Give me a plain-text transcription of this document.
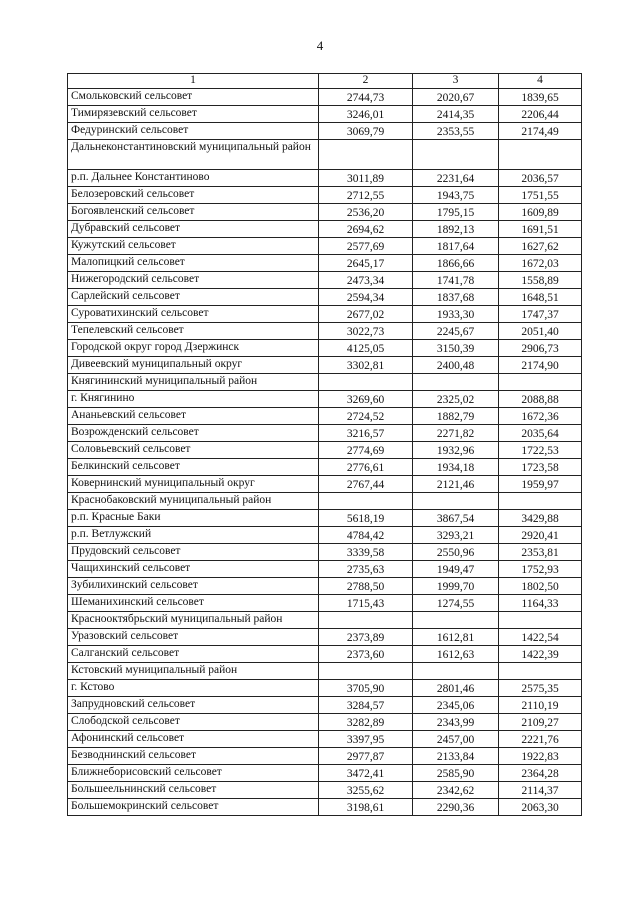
4
1	2	3	4
Смольковский сельсовет	2744,73	2020,67	1839,65
Тимирязевский сельсовет	3246,01	2414,35	2206,44
Федуринский сельсовет	3069,79	2353,55	2174,49
Дальнеконстантиновский муниципальный район			
р.п. Дальнее Константиново	3011,89	2231,64	2036,57
Белозеровский сельсовет	2712,55	1943,75	1751,55
Богоявленский сельсовет	2536,20	1795,15	1609,89
Дубравский сельсовет	2694,62	1892,13	1691,51
Кужутский сельсовет	2577,69	1817,64	1627,62
Малопицкий сельсовет	2645,17	1866,66	1672,03
Нижегородский сельсовет	2473,34	1741,78	1558,89
Сарлейский сельсовет	2594,34	1837,68	1648,51
Суроватихинский сельсовет	2677,02	1933,30	1747,37
Тепелевский сельсовет	3022,73	2245,67	2051,40
Городской округ город Дзержинск	4125,05	3150,39	2906,73
Дивеевский муниципальный округ	3302,81	2400,48	2174,90
Княгининский муниципальный район			
г. Княгинино	3269,60	2325,02	2088,88
Ананьевский сельсовет	2724,52	1882,79	1672,36
Возрожденский сельсовет	3216,57	2271,82	2035,64
Соловьевский сельсовет	2774,69	1932,96	1722,53
Белкинский сельсовет	2776,61	1934,18	1723,58
Ковернинский муниципальный округ	2767,44	2121,46	1959,97
Краснобаковский муниципальный район			
р.п. Красные Баки	5618,19	3867,54	3429,88
р.п. Ветлужский	4784,42	3293,21	2920,41
Прудовский сельсовет	3339,58	2550,96	2353,81
Чащихинский сельсовет	2735,63	1949,47	1752,93
Зубилихинский сельсовет	2788,50	1999,70	1802,50
Шеманихинский сельсовет	1715,43	1274,55	1164,33
Краснооктябрьский муниципальный район			
Уразовский сельсовет	2373,89	1612,81	1422,54
Салганский сельсовет	2373,60	1612,63	1422,39
Кстовский муниципальный район			
г. Кстово	3705,90	2801,46	2575,35
Запрудновский сельсовет	3284,57	2345,06	2110,19
Слободской сельсовет	3282,89	2343,99	2109,27
Афонинский сельсовет	3397,95	2457,00	2221,76
Безводнинский сельсовет	2977,87	2133,84	1922,83
Ближнеборисовский сельсовет	3472,41	2585,90	2364,28
Большеельнинский сельсовет	3255,62	2342,62	2114,37
Большемокринский сельсовет	3198,61	2290,36	2063,30
